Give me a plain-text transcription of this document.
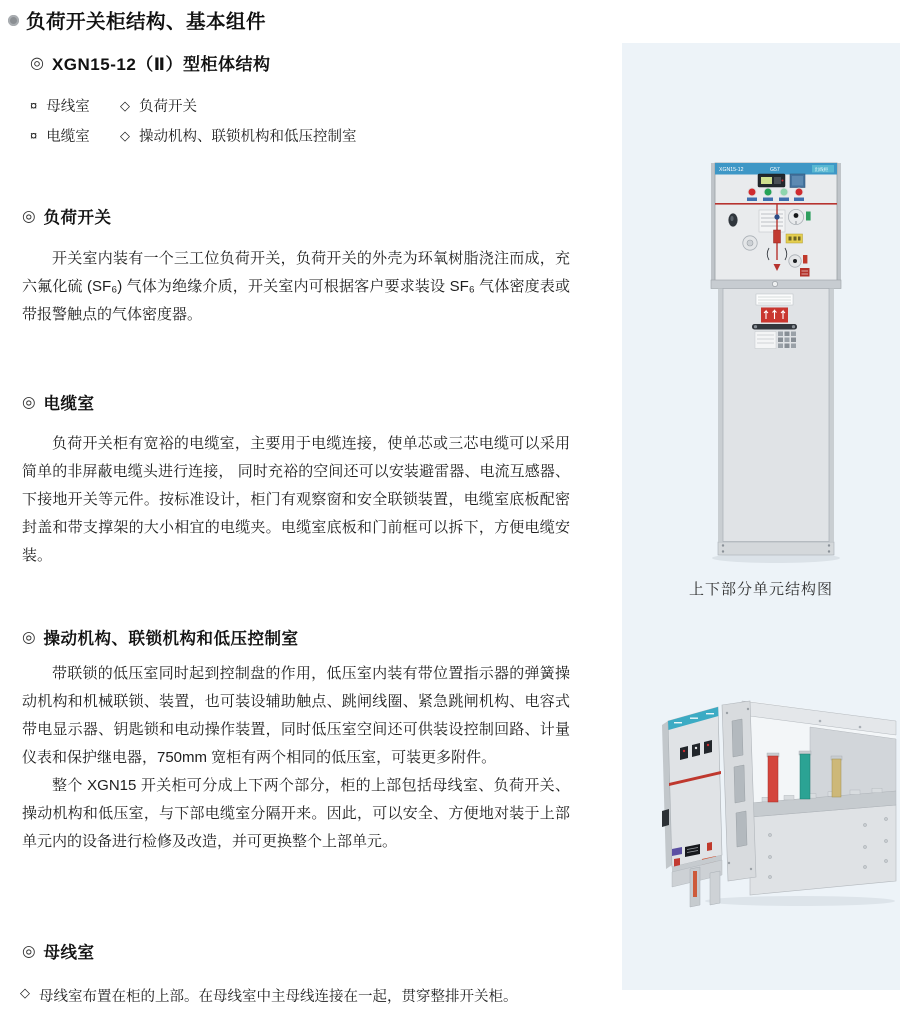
负荷开关柜结构、基本组件
◎ XGN15-12（Ⅱ）型柜体结构
¤ 母线室 ◇ 负荷开关
¤ 电缆室 ◇ 操动机构、联锁机构和低压控制室
◎ 负荷开关
开关室内装有一个三工位负荷开关，负荷开关的外壳为环氧树脂浇注而成，充六氟化硫 (SF₆) 气体为绝缘介质，开关室内可根据客户要求装设 SF₆ 气体密度表或带报警触点的气体密度器。
◎ 电缆室
负荷开关柜有宽裕的电缆室，主要用于电缆连接，使单芯或三芯电缆可以采用简单的非屏蔽电缆头进行连接， 同时充裕的空间还可以安装避雷器、电流互感器、下接地开关等元件。按标准设计，柜门有观察窗和安全联锁装置，电缆室底板配密封盖和带支撑架的大小相宜的电缆夹。电缆室底板和门前框可以拆下，方便电缆安装。
◎ 操动机构、联锁机构和低压控制室
带联锁的低压室同时起到控制盘的作用，低压室内装有带位置指示器的弹簧操动机构和机械联锁、装置，也可装设辅助触点、跳闸线圈、紧急跳闸机构、电容式带电显示器、钥匙锁和电动操作装置，同时低压室空间还可供装设控制回路、计量仪表和保护继电器，750mm 宽柜有两个相同的低压室，可装更多附件。
整个 XGN15 开关柜可分成上下两个部分，柜的上部包括母线室、负荷开关、操动机构和低压室，与下部电缆室分隔开来。因此，可以安全、方便地对装于上部单元内的设备进行检修及改造，并可更换整个上部单元。
◎ 母线室
◇ 母线室布置在柜的上部。在母线室中主母线连接在一起，贯穿整排开关柜。
XGN15-12	G57	出线柜
上下部分单元结构图
